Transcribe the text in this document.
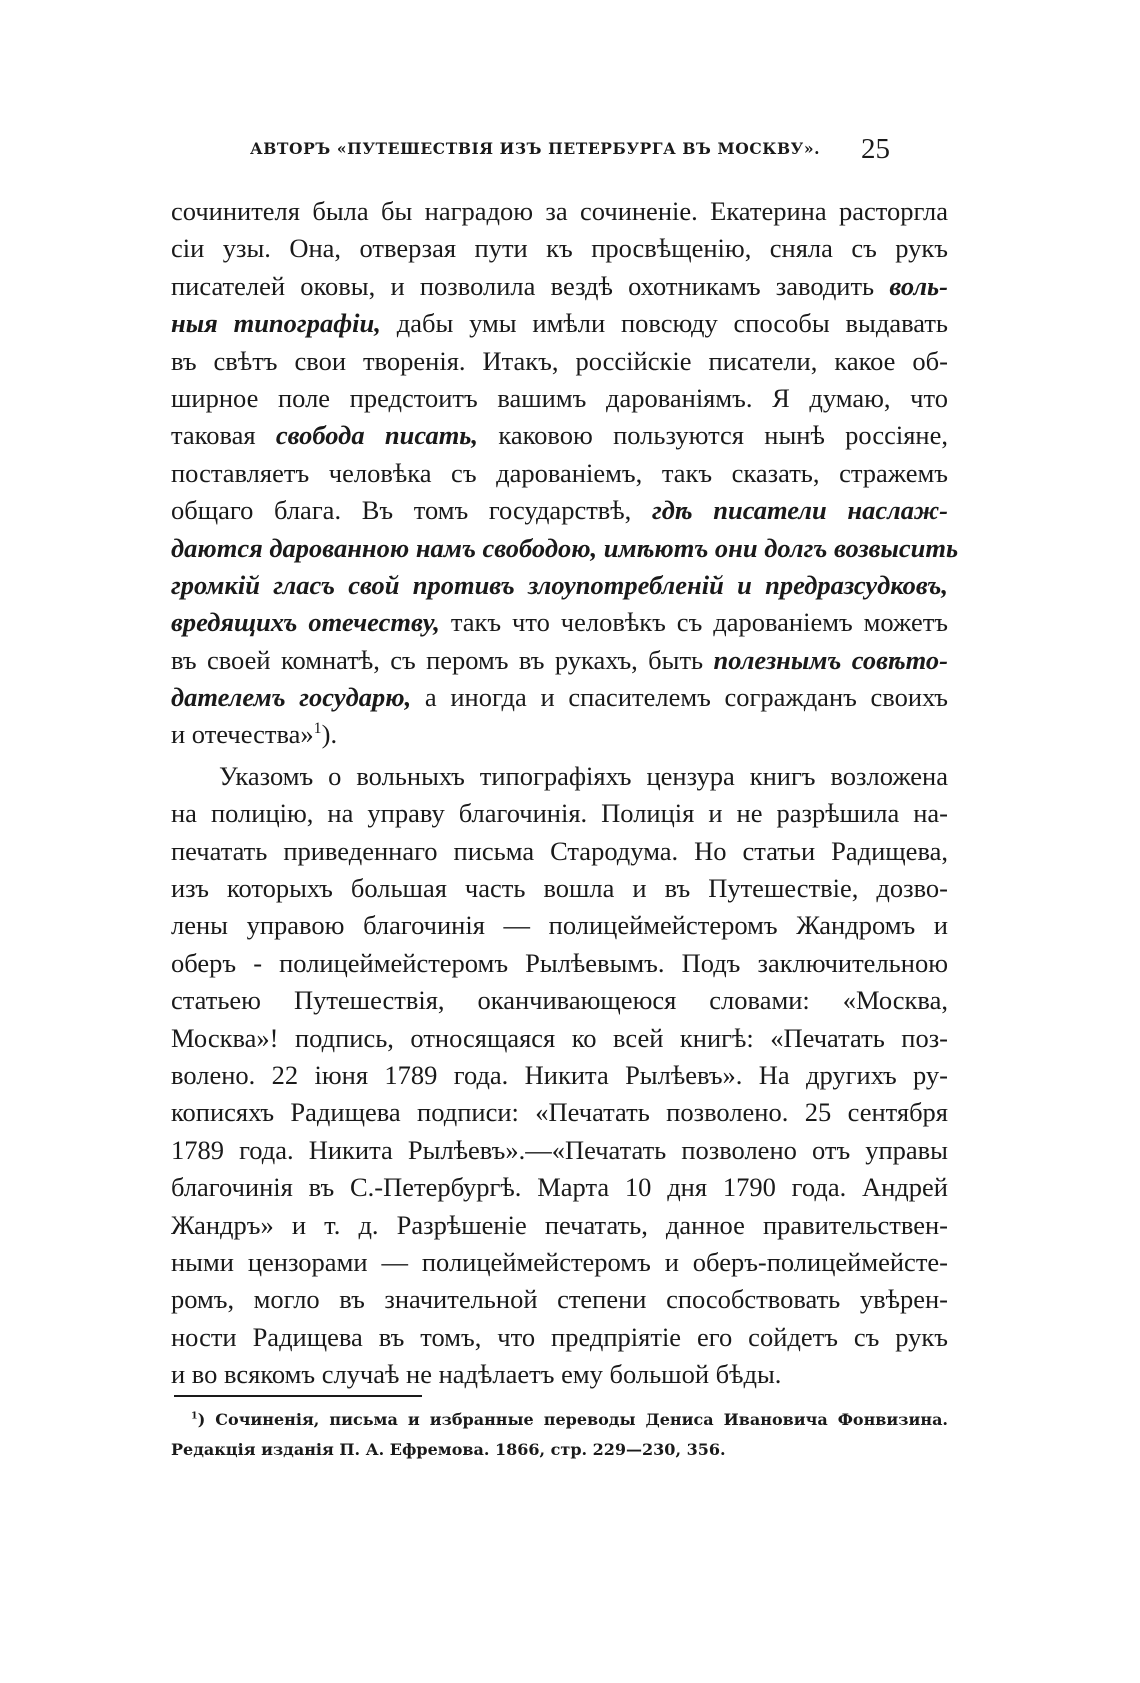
АВТОРЪ «ПУТЕШЕСТВІЯ ИЗЪ ПЕТЕРБУРГА ВЪ МОСКВУ». 25
сочинителя была бы наградою за сочиненіе. Екатерина расторгла
сіи узы. Она, отверзая пути къ просвѣщенію, сняла съ рукъ
писателей оковы, и позволила вездѣ охотникамъ заводить воль-
ныя типографіи, дабы умы имѣли повсюду способы выдавать
въ свѣтъ свои творенія. Итакъ, россійскіе писатели, какое об-
ширное поле предстоитъ вашимъ дарованіямъ. Я думаю, что
таковая свобода писать, каковою пользуются нынѣ россіяне,
поставляетъ человѣка съ дарованіемъ, такъ сказать, стражемъ
общаго блага. Въ томъ государствѣ, гдѣ писатели наслаж-
даются дарованною намъ свободою, имѣютъ они долгъ возвысить
громкій гласъ свой противъ злоупотребленій и предразсудковъ,
вредящихъ отечеству, такъ что человѣкъ съ дарованіемъ можетъ
въ своей комнатѣ, съ перомъ въ рукахъ, быть полезнымъ совѣто-
дателемъ государю, а иногда и спасителемъ согражданъ своихъ
и отечества»$^1$).
Указомъ о вольныхъ типографіяхъ цензура книгъ возложена
на полицію, на управу благочинія. Полиція и не разрѣшила на-
печатать приведеннаго письма Стародума. Но статьи Радищева,
изъ которыхъ большая часть вошла и въ Путешествіе, дозво-
лены управою благочинія — полицеймейстеромъ Жандромъ и
оберъ - полицеймейстеромъ Рылѣевымъ. Подъ заключительною
статьею Путешествія, оканчивающеюся словами: «Москва,
Москва»! подпись, относящаяся ко всей книгѣ: «Печатать поз-
волено. 22 іюня 1789 года. Никита Рылѣевъ». На другихъ ру-
кописяхъ Радищева подписи: «Печатать позволено. 25 сентября
1789 года. Никита Рылѣевъ».—«Печатать позволено отъ управы
благочинія въ С.-Петербургѣ. Марта 10 дня 1790 года. Андрей
Жандръ» и т. д. Разрѣшеніе печатать, данное правительствен-
ными цензорами — полицеймейстеромъ и оберъ-полицеймейсте-
ромъ, могло въ значительной степени способствовать увѣрен-
ности Радищева въ томъ, что предпріятіе его сойдетъ съ рукъ
и во всякомъ случаѣ не надѣлаетъ ему большой бѣды.
$^1$) Сочиненія, письма и избранные переводы Дениса Ивановича Фонвизина.
Редакція изданія П. А. Ефремова. 1866, стр. 229—230, 356.
